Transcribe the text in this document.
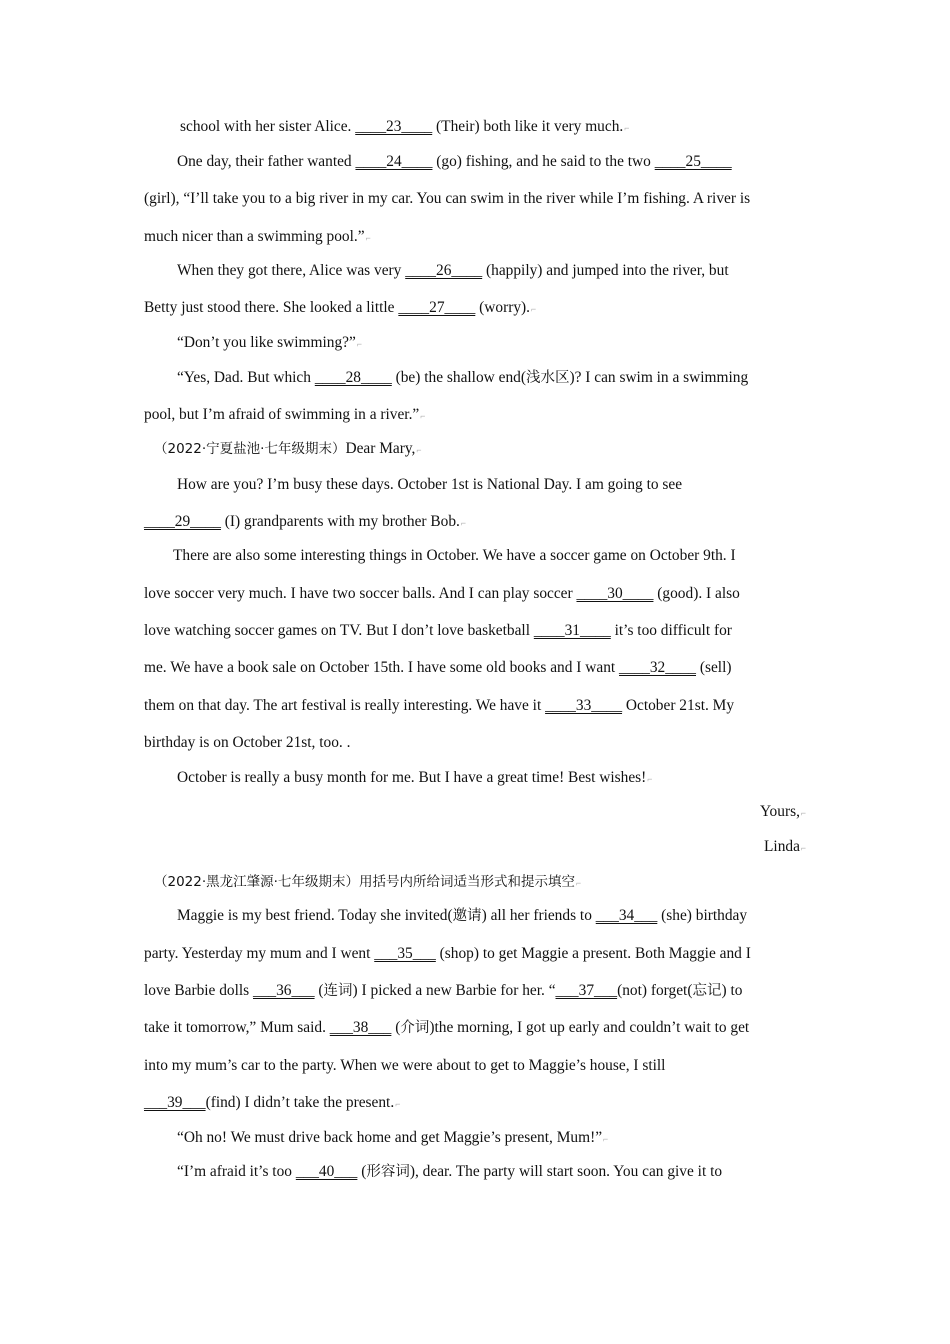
school with her sister Alice. ____23____ (Their) both like it very much.⌐
One day, their father wanted ____24____ (go) fishing, and he said to the two ____25____
(girl), “I’ll take you to a big river in my car. You can swim in the river while I’m fishing. A river is
much nicer than a swimming pool.”⌐
When they got there, Alice was very ____26____ (happily) and jumped into the river, but
Betty just stood there. She looked a little ____27____ (worry).⌐
“Don’t you like swimming?”⌐
“Yes, Dad. But which ____28____ (be) the shallow end(浅水区)? I can swim in a swimming
pool, but I’m afraid of swimming in a river.”⌐
（2022·宁夏盐池·七年级期末）Dear Mary,⌐
How are you? I’m busy these days. October 1st is National Day. I am going to see
____29____ (I) grandparents with my brother Bob.⌐
There are also some interesting things in October. We have a soccer game on October 9th. I
love soccer very much. I have two soccer balls. And I can play soccer ____30____ (good). I also
love watching soccer games on TV. But I don’t love basketball ____31____ it’s too difficult for
me. We have a book sale on October 15th. I have some old books and I want ____32____ (sell)
them on that day. The art festival is really interesting. We have it ____33____ October 21st. My
birthday is on October 21st, too. .
October is really a busy month for me. But I have a great time! Best wishes!⌐
Yours,⌐
Linda⌐
（2022·黑龙江肇源·七年级期末）用括号内所给词适当形式和提示填空⌐
Maggie is my best friend. Today she invited(邀请) all her friends to ___34___ (she) birthday
party. Yesterday my mum and I went ___35___ (shop) to get Maggie a present. Both Maggie and I
love Barbie dolls ___36___ (连词) I picked a new Barbie for her. “___37___(not) forget(忘记) to
take it tomorrow,” Mum said. ___38___ (介词)the morning, I got up early and couldn’t wait to get
into my mum’s car to the party. When we were about to get to Maggie’s house, I still
___39___(find) I didn’t take the present.⌐
“Oh no! We must drive back home and get Maggie’s present, Mum!”⌐
“I’m afraid it’s too ___40___ (形容词), dear. The party will start soon. You can give it to
